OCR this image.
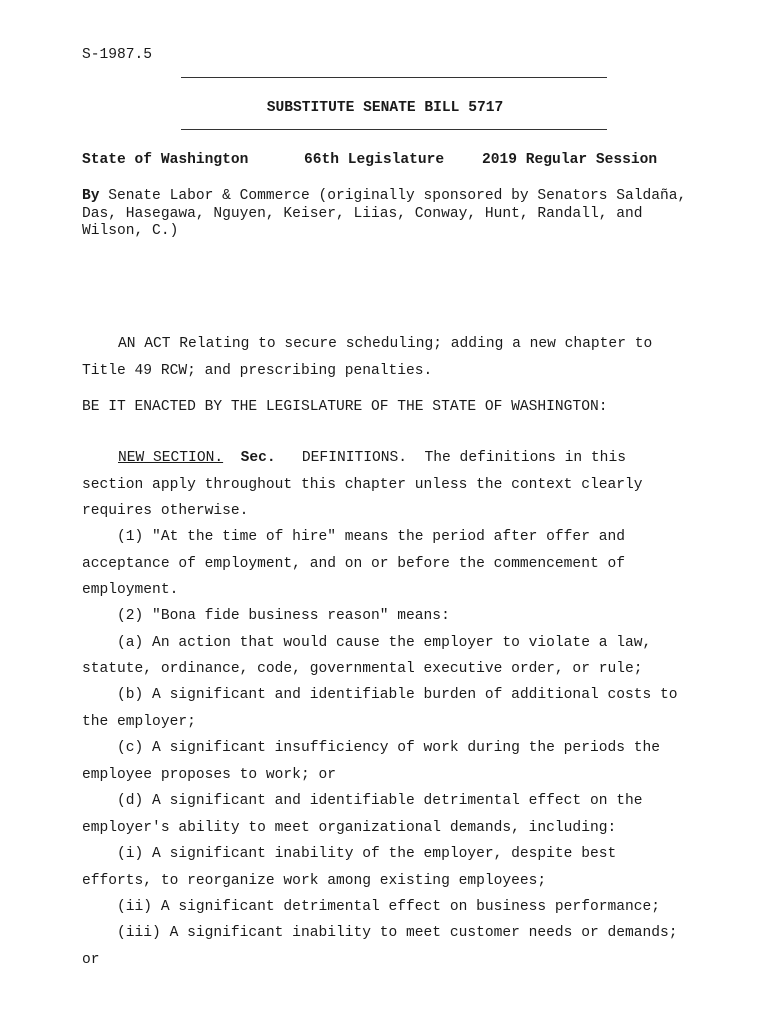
S-1987.5
SUBSTITUTE SENATE BILL 5717

State of Washington

	66th Legislature

	2019 Regular Session

By Senate Labor & Commerce (originally sponsored by Senators Saldaña,
Das, Hasegawa, Nguyen, Keiser, Liias, Conway, Hunt, Randall, and
Wilson, C.)
AN ACT Relating to secure scheduling; adding a new chapter to
Title 49 RCW; and prescribing penalties.
BE IT ENACTED BY THE LEGISLATURE OF THE STATE OF WASHINGTON:
NEW SECTION. Sec. DEFINITIONS.  The definitions in this
section apply throughout this chapter unless the context clearly
requires otherwise.
(1) "At the time of hire" means the period after offer and
acceptance of employment, and on or before the commencement of
employment.
(2) "Bona fide business reason" means:
(a) An action that would cause the employer to violate a law,
statute, ordinance, code, governmental executive order, or rule;
(b) A significant and identifiable burden of additional costs to
the employer;
(c) A significant insufficiency of work during the periods the
employee proposes to work; or
(d) A significant and identifiable detrimental effect on the
employer's ability to meet organizational demands, including:
(i) A significant inability of the employer, despite best
efforts, to reorganize work among existing employees;
(ii) A significant detrimental effect on business performance;
(iii) A significant inability to meet customer needs or demands;
or
